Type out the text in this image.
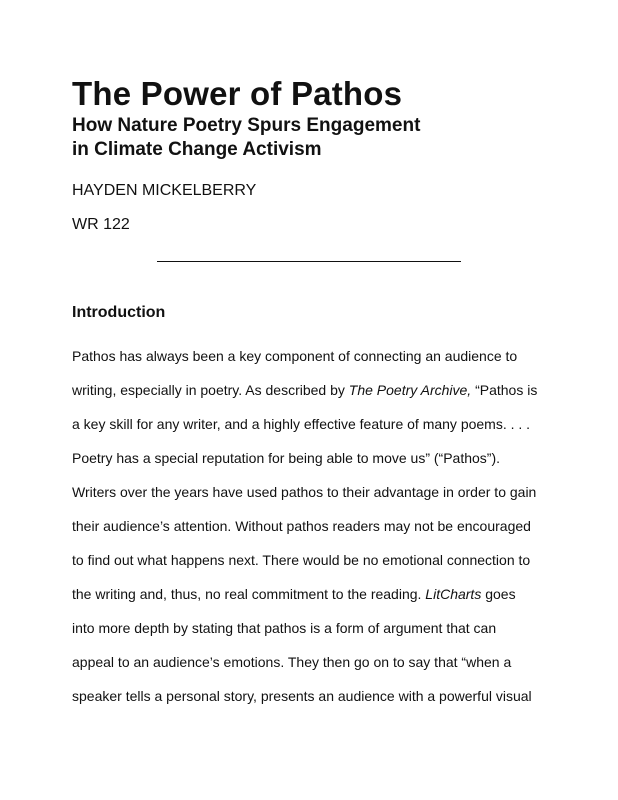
The Power of Pathos
How Nature Poetry Spurs Engagement
in Climate Change Activism
HAYDEN MICKELBERRY
WR 122
Introduction
Pathos has always been a key component of connecting an audience to
writing, especially in poetry. As described by The Poetry Archive, “Pathos is
a key skill for any writer, and a highly effective feature of many poems. . . .
Poetry has a special reputation for being able to move us” (“Pathos”).
Writers over the years have used pathos to their advantage in order to gain
their audience’s attention. Without pathos readers may not be encouraged
to find out what happens next. There would be no emotional connection to
the writing and, thus, no real commitment to the reading. LitCharts goes
into more depth by stating that pathos is a form of argument that can
appeal to an audience’s emotions. They then go on to say that “when a
speaker tells a personal story, presents an audience with a powerful visual
